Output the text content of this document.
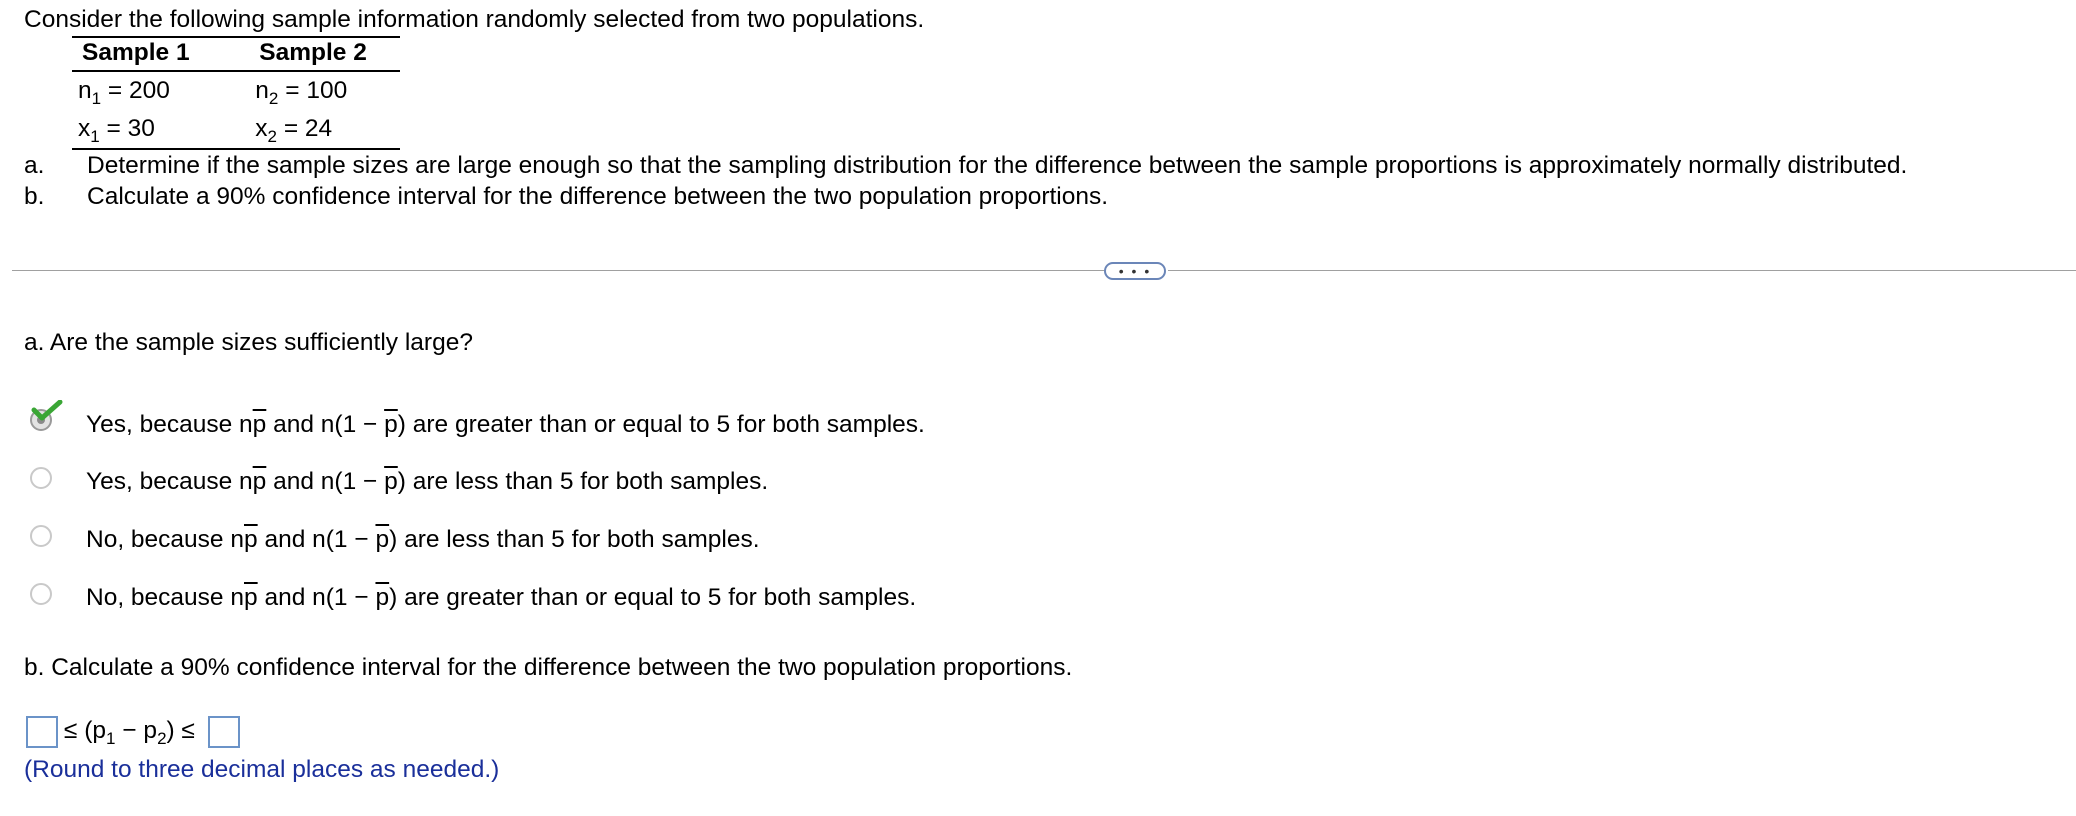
Consider the following sample information randomly selected from two populations.
Sample 1	Sample 2
$n_1 = 200$	$n_2 = 100$
$x_1 = 30$	$x_2 = 24$
a. Determine if the sample sizes are large enough so that the sampling distribution for the difference between the sample proportions is approximately normally distributed.
b. Calculate a 90% confidence interval for the difference between the two population proportions.
• • •
a. Are the sample sizes sufficiently large?
Yes, because $n\overline{p}$ and $n(1 - \overline{p})$ are greater than or equal to 5 for both samples.
Yes, because $n\overline{p}$ and $n(1 - \overline{p})$ are less than 5 for both samples.
No, because $n\overline{p}$ and $n(1 - \overline{p})$ are less than 5 for both samples.
No, because $n\overline{p}$ and $n(1 - \overline{p})$ are greater than or equal to 5 for both samples.
b. Calculate a 90% confidence interval for the difference between the two population proportions.
≤ $(p_1 - p_2)$ ≤
(Round to three decimal places as needed.)
